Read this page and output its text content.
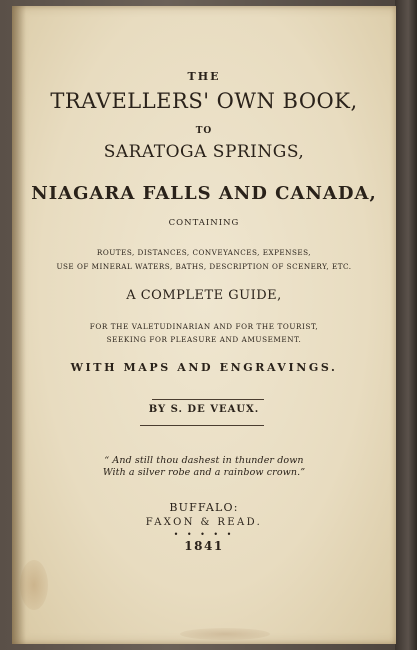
THE
TRAVELLERS' OWN BOOK,
TO
SARATOGA SPRINGS,
NIAGARA FALLS AND CANADA,
CONTAINING
ROUTES, DISTANCES, CONVEYANCES, EXPENSES,
USE OF MINERAL WATERS, BATHS, DESCRIPTION OF SCENERY, ETC.
A COMPLETE GUIDE,
FOR THE VALETUDINARIAN AND FOR THE TOURIST,
SEEKING FOR PLEASURE AND AMUSEMENT.
WITH MAPS AND ENGRAVINGS.
BY S. DE VEAUX.
“ And still thou dashest in thunder down
With a silver robe and a rainbow crown.”
BUFFALO:
FAXON & READ.
• • • • •
1841
